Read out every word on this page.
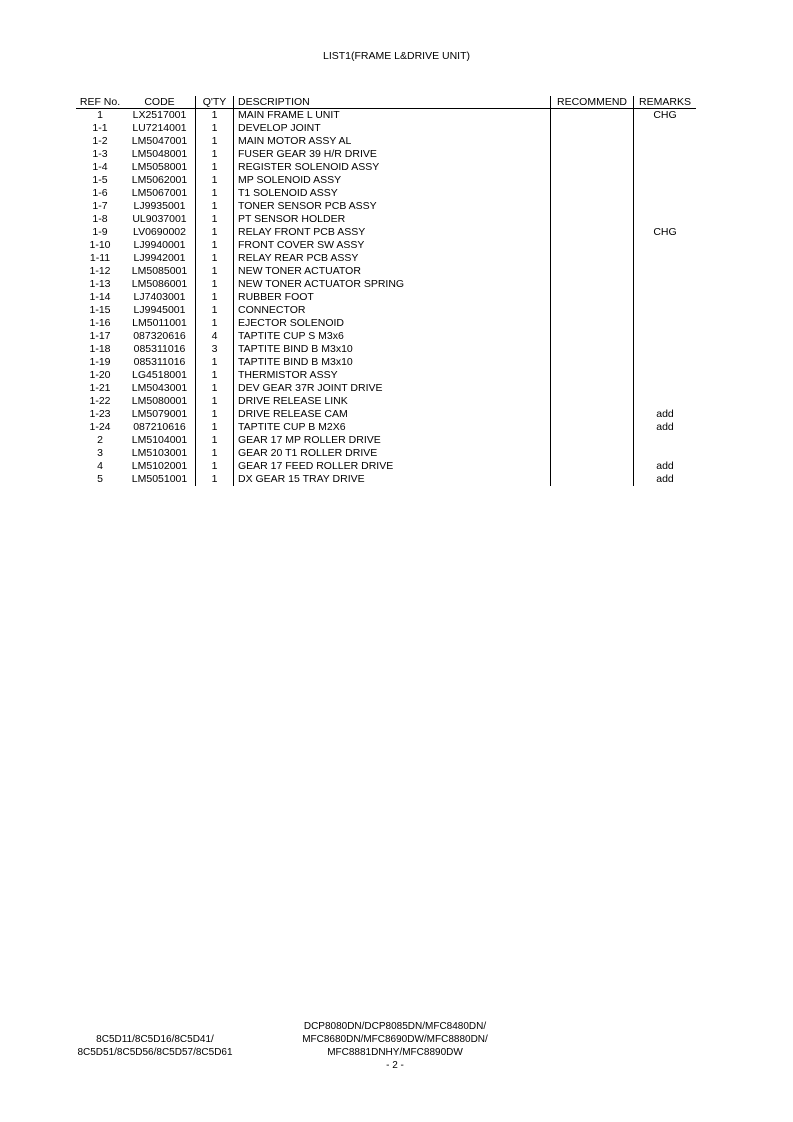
LIST1(FRAME L&DRIVE UNIT)
REF No.	CODE	Q'TY	DESCRIPTION	RECOMMEND	REMARKS
1	LX2517001	1	MAIN FRAME L UNIT		CHG
1-1	LU7214001	1	DEVELOP JOINT		
1-2	LM5047001	1	MAIN MOTOR ASSY AL		
1-3	LM5048001	1	FUSER GEAR 39 H/R DRIVE		
1-4	LM5058001	1	REGISTER SOLENOID ASSY		
1-5	LM5062001	1	MP SOLENOID ASSY		
1-6	LM5067001	1	T1 SOLENOID ASSY		
1-7	LJ9935001	1	TONER SENSOR PCB ASSY		
1-8	UL9037001	1	PT SENSOR HOLDER		
1-9	LV0690002	1	RELAY FRONT PCB ASSY		CHG
1-10	LJ9940001	1	FRONT COVER SW ASSY		
1-11	LJ9942001	1	RELAY REAR PCB ASSY		
1-12	LM5085001	1	NEW TONER ACTUATOR		
1-13	LM5086001	1	NEW TONER ACTUATOR SPRING		
1-14	LJ7403001	1	RUBBER FOOT		
1-15	LJ9945001	1	CONNECTOR		
1-16	LM5011001	1	EJECTOR SOLENOID		
1-17	087320616	4	TAPTITE CUP S M3x6		
1-18	085311016	3	TAPTITE BIND B M3x10		
1-19	085311016	1	TAPTITE BIND B M3x10		
1-20	LG4518001	1	THERMISTOR ASSY		
1-21	LM5043001	1	DEV GEAR 37R JOINT DRIVE		
1-22	LM5080001	1	DRIVE RELEASE LINK		
1-23	LM5079001	1	DRIVE RELEASE CAM		add
1-24	087210616	1	TAPTITE CUP B M2X6		add
2	LM5104001	1	GEAR 17 MP ROLLER DRIVE		
3	LM5103001	1	GEAR 20 T1 ROLLER DRIVE		
4	LM5102001	1	GEAR 17 FEED ROLLER DRIVE		add
5	LM5051001	1	DX GEAR 15 TRAY DRIVE		add
DCP8080DN/DCP8085DN/MFC8480DN/
MFC8680DN/MFC8690DW/MFC8880DN/
MFC8881DNHY/MFC8890DW
- 2 -
8C5D11/8C5D16/8C5D41/
8C5D51/8C5D56/8C5D57/8C5D61
